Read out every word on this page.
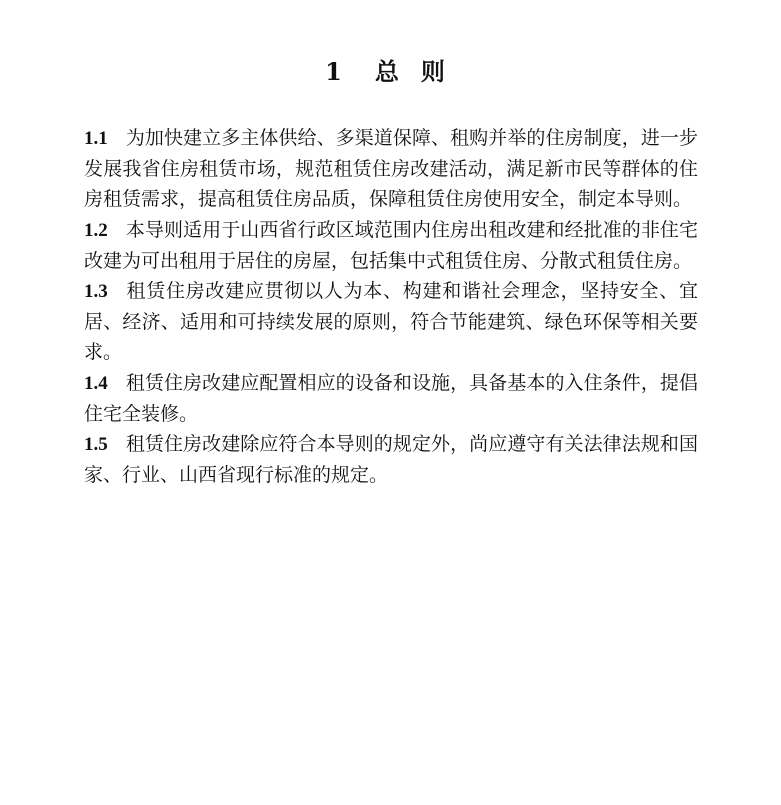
1 总 则

1.1 为加快建立多主体供给、多渠道保障、租购并举的住房制度，进一步发展我省住房租赁市场，规范租赁住房改建活动，满足新市民等群体的住房租赁需求，提高租赁住房品质，保障租赁住房使用安全，制定本导则。

1.2 本导则适用于山西省行政区域范围内住房出租改建和经批准的非住宅改建为可出租用于居住的房屋，包括集中式租赁住房、分散式租赁住房。

1.3 租赁住房改建应贯彻以人为本、构建和谐社会理念，坚持安全、宜居、经济、适用和可持续发展的原则，符合节能建筑、绿色环保等相关要求。

1.4 租赁住房改建应配置相应的设备和设施，具备基本的入住条件，提倡住宅全装修。

1.5 租赁住房改建除应符合本导则的规定外，尚应遵守有关法律法规和国家、行业、山西省现行标准的规定。
